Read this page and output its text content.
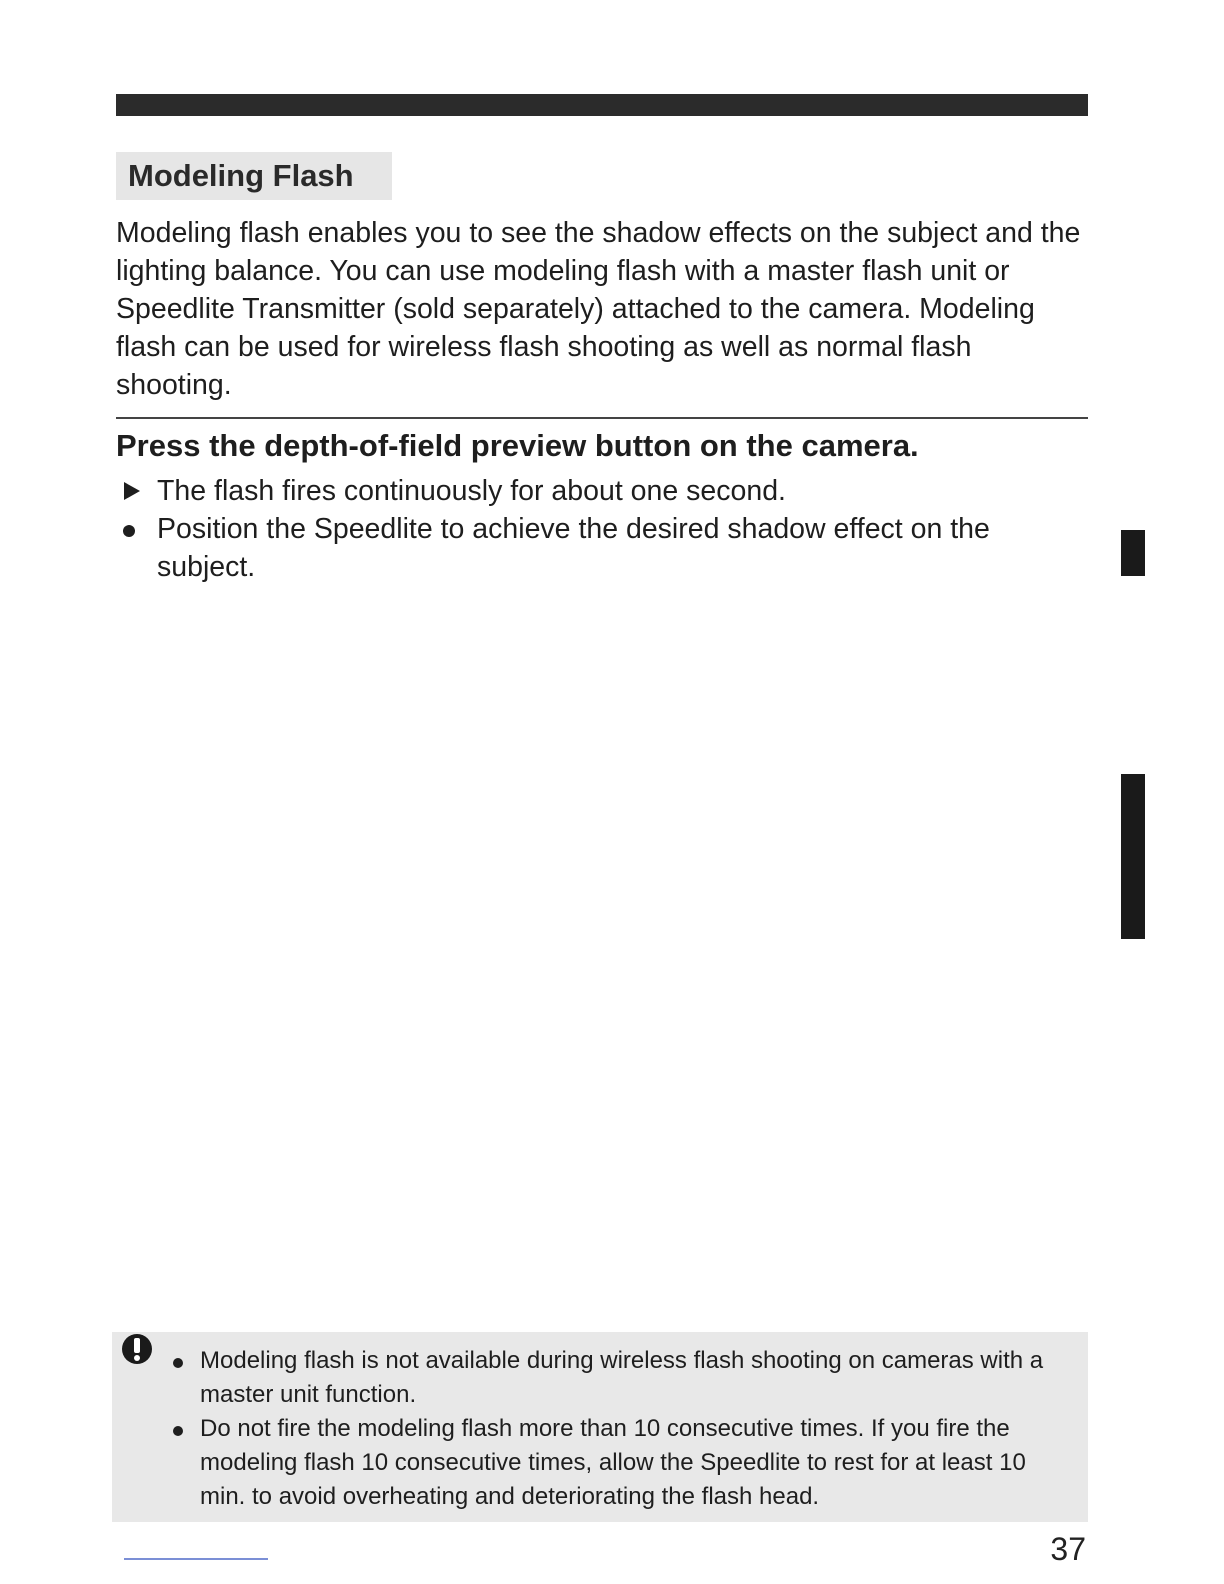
Modeling Flash

Modeling flash enables you to see the shadow effects on the subject and the lighting balance. You can use modeling flash with a master flash unit or Speedlite Transmitter (sold separately) attached to the camera. Modeling flash can be used for wireless flash shooting as well as normal flash shooting.

Press the depth-of-field preview button on the camera.
The flash fires continuously for about one second.
Position the Speedlite to achieve the desired shadow effect on the subject.
Modeling flash is not available during wireless flash shooting on cameras with a master unit function.
Do not fire the modeling flash more than 10 consecutive times. If you fire the modeling flash 10 consecutive times, allow the Speedlite to rest for at least 10 min. to avoid overheating and deteriorating the flash head.
37
